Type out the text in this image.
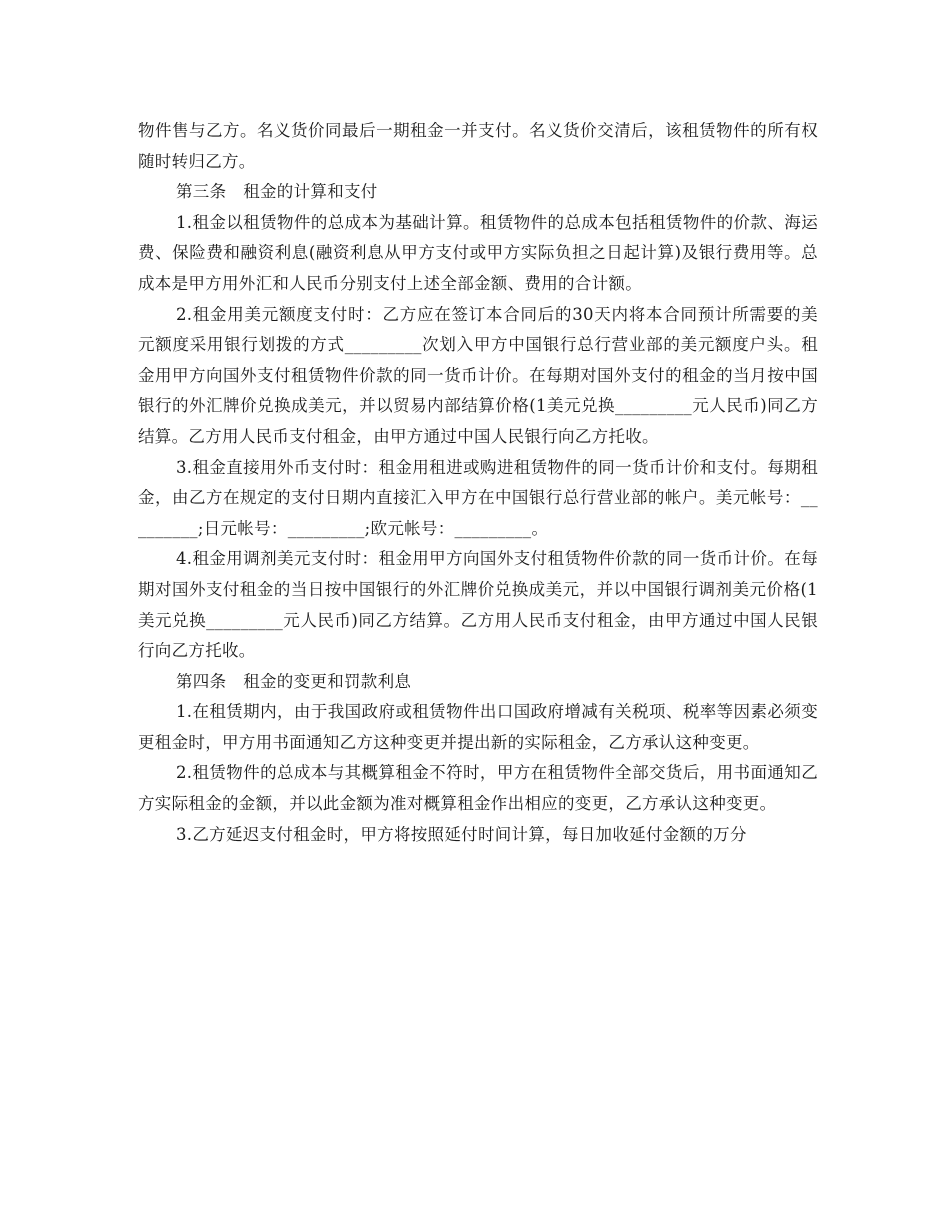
物件售与乙方。名义货价同最后一期租金一并支付。名义货价交清后，该租赁物件的所有权随时转归乙方。

第三条　租金的计算和支付

1.租金以租赁物件的总成本为基础计算。租赁物件的总成本包括租赁物件的价款、海运费、保险费和融资利息(融资利息从甲方支付或甲方实际负担之日起计算)及银行费用等。总成本是甲方用外汇和人民币分别支付上述全部金额、费用的合计额。

2.租金用美元额度支付时：乙方应在签订本合同后的30天内将本合同预计所需要的美元额度采用银行划拨的方式_________次划入甲方中国银行总行营业部的美元额度户头。租金用甲方向国外支付租赁物件价款的同一货币计价。在每期对国外支付的租金的当月按中国银行的外汇牌价兑换成美元，并以贸易内部结算价格(1美元兑换_________元人民币)同乙方结算。乙方用人民币支付租金，由甲方通过中国人民银行向乙方托收。

3.租金直接用外币支付时：租金用租进或购进租赁物件的同一货币计价和支付。每期租金，由乙方在规定的支付日期内直接汇入甲方在中国银行总行营业部的帐户。美元帐号：_________;日元帐号：_________;欧元帐号：_________。

4.租金用调剂美元支付时：租金用甲方向国外支付租赁物件价款的同一货币计价。在每期对国外支付租金的当日按中国银行的外汇牌价兑换成美元，并以中国银行调剂美元价格(1美元兑换_________元人民币)同乙方结算。乙方用人民币支付租金，由甲方通过中国人民银行向乙方托收。

第四条　租金的变更和罚款利息

1.在租赁期内，由于我国政府或租赁物件出口国政府增减有关税项、税率等因素必须变更租金时，甲方用书面通知乙方这种变更并提出新的实际租金，乙方承认这种变更。

2.租赁物件的总成本与其概算租金不符时，甲方在租赁物件全部交货后，用书面通知乙方实际租金的金额，并以此金额为准对概算租金作出相应的变更，乙方承认这种变更。

3.乙方延迟支付租金时，甲方将按照延付时间计算，每日加收延付金额的万分
